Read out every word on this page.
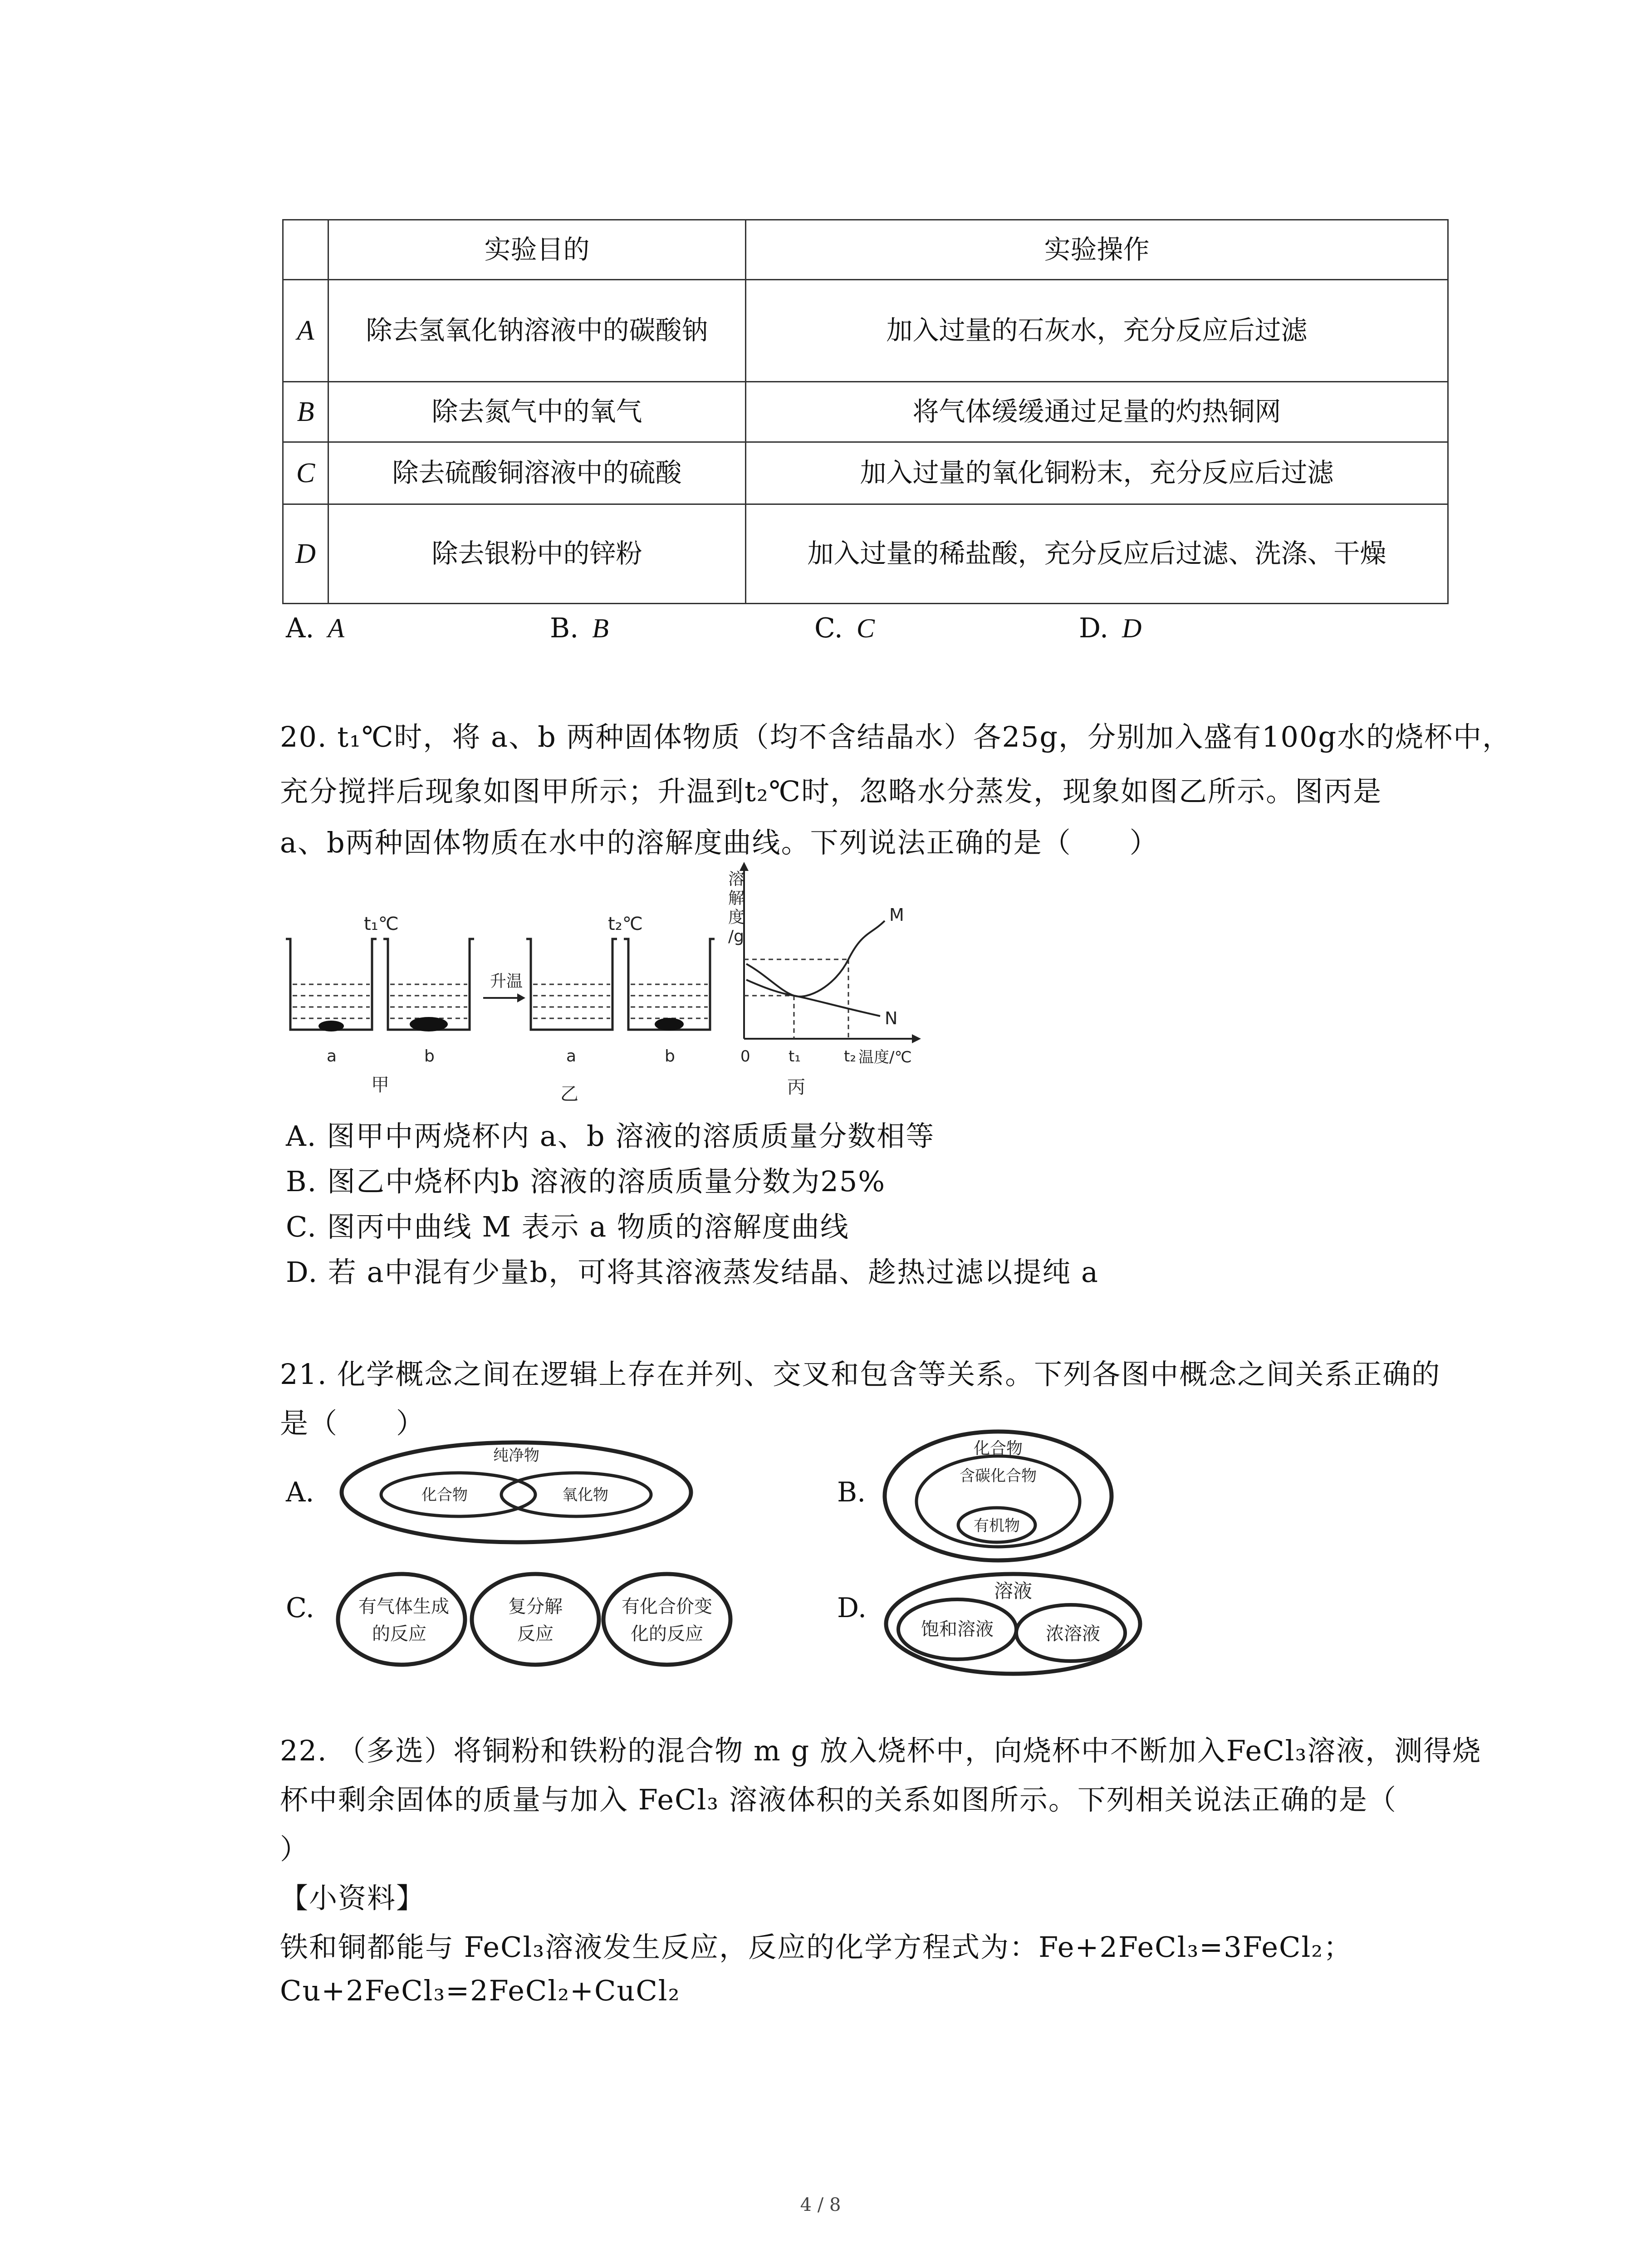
	实验目的	实验操作
A	除去氢氧化钠溶液中的碳酸钠	加入过量的石灰水，充分反应后过滤
B	除去氮气中的氧气	将气体缓缓通过足量的灼热铜网
C	除去硫酸铜溶液中的硫酸	加入过量的氧化铜粉末，充分反应后过滤
D	除去银粉中的锌粉	加入过量的稀盐酸，充分反应后过滤、洗涤、干燥
A. A	B. B	C. C	D. D
20. t₁℃时，将 a、b 两种固体物质（均不含结晶水）各25g，分别加入盛有100g水的烧杯中，
充分搅拌后现象如图甲所示；升温到t₂℃时，忽略水分蒸发，现象如图乙所示。图丙是
a、b两种固体物质在水中的溶解度曲线。下列说法正确的是（　　）
t₁℃	t₂℃
升温
a	b	a	b
甲	乙
溶
解
度
/g
M
N
0 t₁	t₂ 温度/℃
丙
A. 图甲中两烧杯内 a、b 溶液的溶质质量分数相等
B. 图乙中烧杯内b 溶液的溶质质量分数为25%
C. 图丙中曲线 M 表示 a 物质的溶解度曲线
D. 若 a中混有少量b，可将其溶液蒸发结晶、趁热过滤以提纯 a
21. 化学概念之间在逻辑上存在并列、交叉和包含等关系。下列各图中概念之间关系正确的
是（　　）
A.	B.
C.	D.
纯净物
化合物	氧化物
化合物
含碳化合物
有机物
有气体生成
的反应
复分解
反应
有化合价变
化的反应
溶液
饱和溶液	浓溶液
22. （多选）将铜粉和铁粉的混合物 m g 放入烧杯中，向烧杯中不断加入FeCl₃溶液，测得烧
杯中剩余固体的质量与加入 FeCl₃ 溶液体积的关系如图所示。下列相关说法正确的是（
）
【小资料】
铁和铜都能与 FeCl₃溶液发生反应，反应的化学方程式为：Fe+2FeCl₃=3FeCl₂；
Cu+2FeCl₃=2FeCl₂+CuCl₂
4 / 8
